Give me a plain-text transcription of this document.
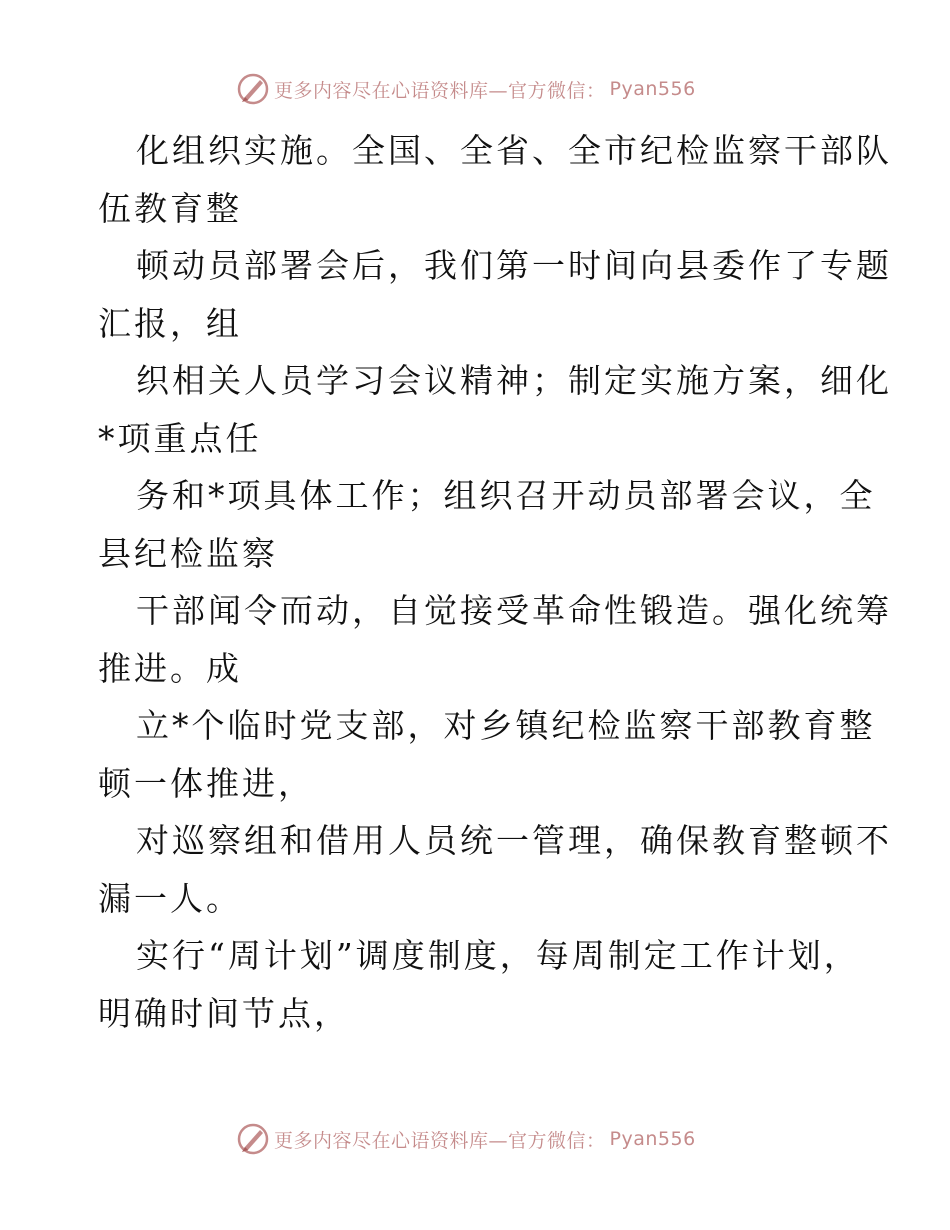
更多内容尽在心语资料库—官方微信： Pyan556
化组织实施。全国、全省、全市纪检监察干部队
伍教育整
顿动员部署会后，我们第一时间向县委作了专题
汇报，组
织相关人员学习会议精神；制定实施方案，细化
*项重点任
务和*项具体工作；组织召开动员部署会议，全
县纪检监察
干部闻令而动，自觉接受革命性锻造。强化统筹
推进。成
立*个临时党支部，对乡镇纪检监察干部教育整
顿一体推进，
对巡察组和借用人员统一管理，确保教育整顿不
漏一人。
实行“周计划”调度制度，每周制定工作计划，
明确时间节点，
更多内容尽在心语资料库—官方微信： Pyan556
